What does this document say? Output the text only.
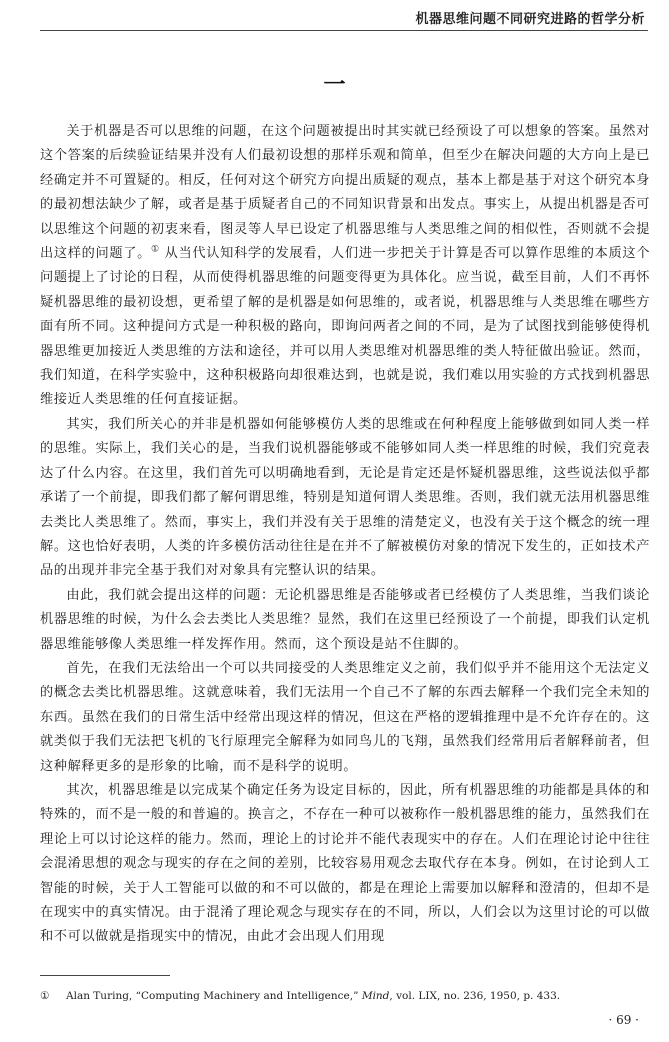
机器思维问题不同研究进路的哲学分析
一

关于机器是否可以思维的问题，在这个问题被提出时其实就已经预设了可以想象的答案。虽然对这个答案的后续验证结果并没有人们最初设想的那样乐观和简单，但至少在解决问题的大方向上是已经确定并不可置疑的。相反，任何对这个研究方向提出质疑的观点，基本上都是基于对这个研究本身的最初想法缺少了解，或者是基于质疑者自己的不同知识背景和出发点。事实上，从提出机器是否可以思维这个问题的初衷来看，图灵等人早已设定了机器思维与人类思维之间的相似性，否则就不会提出这样的问题了。① 从当代认知科学的发展看，人们进一步把关于计算是否可以算作思维的本质这个问题提上了讨论的日程，从而使得机器思维的问题变得更为具体化。应当说，截至目前，人们不再怀疑机器思维的最初设想，更希望了解的是机器是如何思维的，或者说，机器思维与人类思维在哪些方面有所不同。这种提问方式是一种积极的路向，即询问两者之间的不同，是为了试图找到能够使得机器思维更加接近人类思维的方法和途径，并可以用人类思维对机器思维的类人特征做出验证。然而，我们知道，在科学实验中，这种积极路向却很难达到，也就是说，我们难以用实验的方式找到机器思维接近人类思维的任何直接证据。

其实，我们所关心的并非是机器如何能够模仿人类的思维或在何种程度上能够做到如同人类一样的思维。实际上，我们关心的是，当我们说机器能够或不能够如同人类一样思维的时候，我们究竟表达了什么内容。在这里，我们首先可以明确地看到，无论是肯定还是怀疑机器思维，这些说法似乎都承诺了一个前提，即我们都了解何谓思维，特别是知道何谓人类思维。否则，我们就无法用机器思维去类比人类思维了。然而，事实上，我们并没有关于思维的清楚定义，也没有关于这个概念的统一理解。这也恰好表明，人类的许多模仿活动往往是在并不了解被模仿对象的情况下发生的，正如技术产品的出现并非完全基于我们对对象具有完整认识的结果。

由此，我们就会提出这样的问题：无论机器思维是否能够或者已经模仿了人类思维，当我们谈论机器思维的时候，为什么会去类比人类思维？显然，我们在这里已经预设了一个前提，即我们认定机器思维能够像人类思维一样发挥作用。然而，这个预设是站不住脚的。

首先，在我们无法给出一个可以共同接受的人类思维定义之前，我们似乎并不能用这个无法定义的概念去类比机器思维。这就意味着，我们无法用一个自己不了解的东西去解释一个我们完全未知的东西。虽然在我们的日常生活中经常出现这样的情况，但这在严格的逻辑推理中是不允许存在的。这就类似于我们无法把飞机的飞行原理完全解释为如同鸟儿的飞翔，虽然我们经常用后者解释前者，但这种解释更多的是形象的比喻，而不是科学的说明。

其次，机器思维是以完成某个确定任务为设定目标的，因此，所有机器思维的功能都是具体的和特殊的，而不是一般的和普遍的。换言之，不存在一种可以被称作一般机器思维的能力，虽然我们在理论上可以讨论这样的能力。然而，理论上的讨论并不能代表现实中的存在。人们在理论讨论中往往会混淆思想的观念与现实的存在之间的差别，比较容易用观念去取代存在本身。例如，在讨论到人工智能的时候，关于人工智能可以做的和不可以做的，都是在理论上需要加以解释和澄清的，但却不是在现实中的真实情况。由于混淆了理论观念与现实存在的不同，所以，人们会以为这里讨论的可以做和不可以做就是指现实中的情况，由此才会出现人们用现

① Alan Turing, “Computing Machinery and Intelligence,” Mind, vol. LIX, no. 236, 1950, p. 433.
· 69 ·
